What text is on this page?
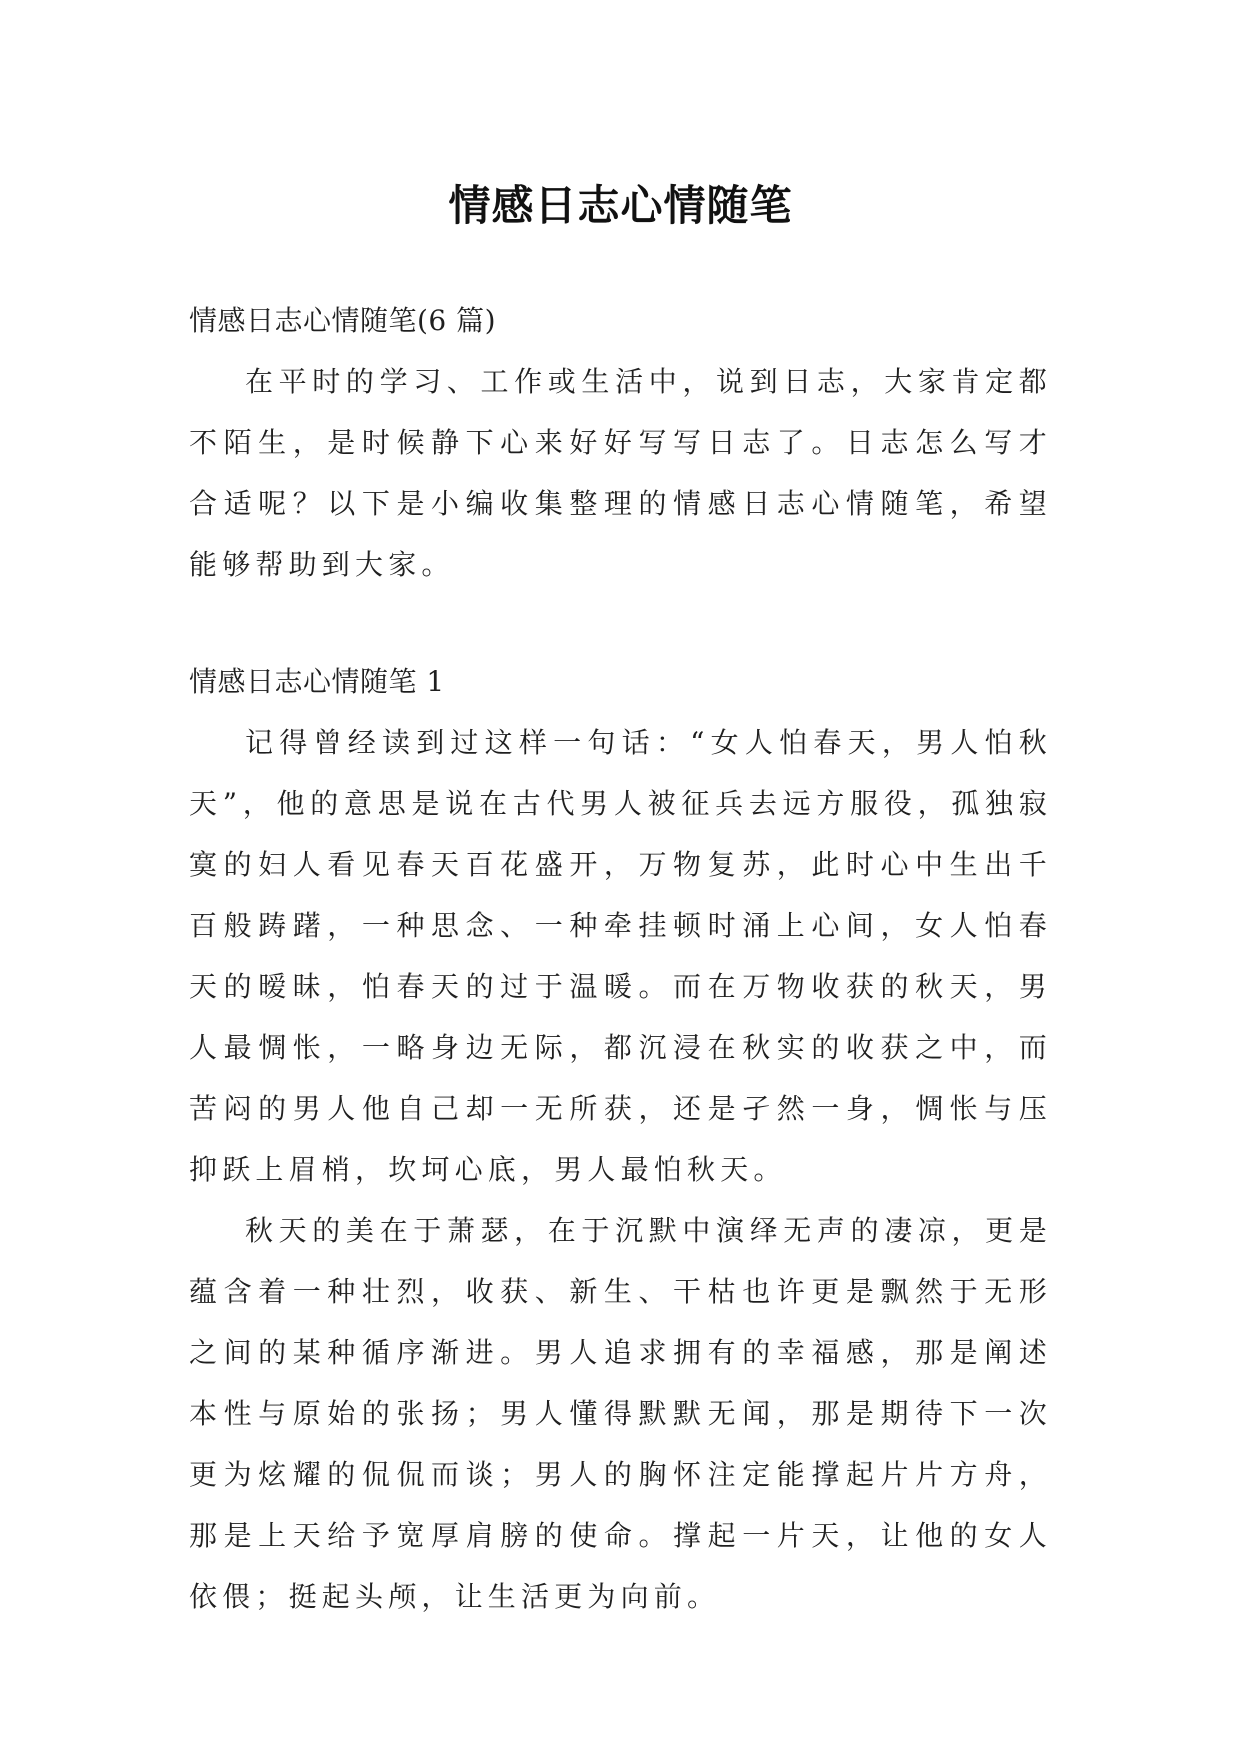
情感日志心情随笔

情感日志心情随笔(6 篇)

在平时的学习、工作或生活中，说到日志，大家肯定都不陌生，是时候静下心来好好写写日志了。日志怎么写才合适呢？以下是小编收集整理的情感日志心情随笔，希望能够帮助到大家。

情感日志心情随笔 1

记得曾经读到过这样一句话：“女人怕春天，男人怕秋天”，他的意思是说在古代男人被征兵去远方服役，孤独寂寞的妇人看见春天百花盛开，万物复苏，此时心中生出千百般踌躇，一种思念、一种牵挂顿时涌上心间，女人怕春天的暧昧，怕春天的过于温暖。而在万物收获的秋天，男人最惆怅，一略身边无际，都沉浸在秋实的收获之中，而苦闷的男人他自己却一无所获，还是孑然一身，惆怅与压抑跃上眉梢，坎坷心底，男人最怕秋天。

秋天的美在于萧瑟，在于沉默中演绎无声的凄凉，更是蕴含着一种壮烈，收获、新生、干枯也许更是飘然于无形之间的某种循序渐进。男人追求拥有的幸福感，那是阐述本性与原始的张扬；男人懂得默默无闻，那是期待下一次更为炫耀的侃侃而谈；男人的胸怀注定能撑起片片方舟，那是上天给予宽厚肩膀的使命。撑起一片天，让他的女人依偎；挺起头颅，让生活更为向前。
